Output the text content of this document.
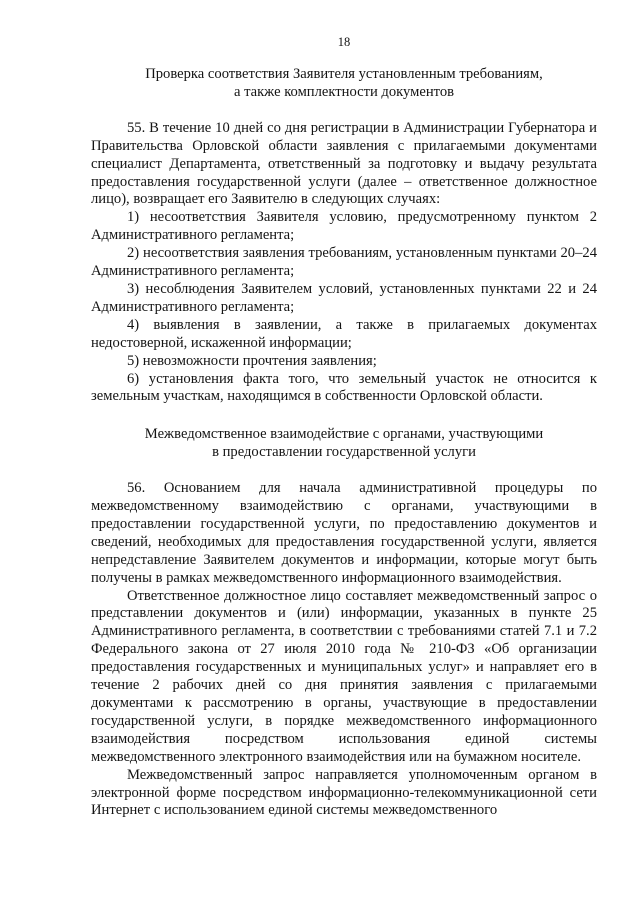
18
Проверка соответствия Заявителя установленным требованиям,
а также комплектности документов

55. В течение 10 дней со дня регистрации в Администрации Губернатора и Правительства Орловской области заявления с прилагаемыми документами специалист Департамента, ответственный за подготовку и выдачу результата предоставления государственной услуги (далее – ответственное должностное лицо), возвращает его Заявителю в следующих случаях:

1) несоответствия Заявителя условию, предусмотренному пунктом 2 Административного регламента;

2) несоответствия заявления требованиям, установленным пунктами 20–24 Административного регламента;

3) несоблюдения Заявителем условий, установленных пунктами 22 и 24 Административного регламента;

4) выявления в заявлении, а также в прилагаемых документах недостоверной, искаженной информации;

5) невозможности прочтения заявления;

6) установления факта того, что земельный участок не относится к земельным участкам, находящимся в собственности Орловской области.

Межведомственное взаимодействие с органами, участвующими
в предоставлении государственной услуги

56. Основанием для начала административной процедуры по межведомственному взаимодействию с органами, участвующими в предоставлении государственной услуги, по предоставлению документов и сведений, необходимых для предоставления государственной услуги, является непредставление Заявителем документов и информации, которые могут быть получены в рамках межведомственного информационного взаимодействия.

Ответственное должностное лицо составляет межведомственный запрос о представлении документов и (или) информации, указанных в пункте 25 Административного регламента, в соответствии с требованиями статей 7.1 и 7.2 Федерального закона от 27 июля 2010 года № 210-ФЗ «Об организации предоставления государственных и муниципальных услуг» и направляет его в течение 2 рабочих дней со дня принятия заявления с прилагаемыми документами к рассмотрению в органы, участвующие в предоставлении государственной услуги, в порядке межведомственного информационного взаимодействия посредством использования единой системы межведомственного электронного взаимодействия или на бумажном носителе.

Межведомственный запрос направляется уполномоченным органом в электронной форме посредством информационно-телекоммуникационной сети Интернет с использованием единой системы межведомственного
